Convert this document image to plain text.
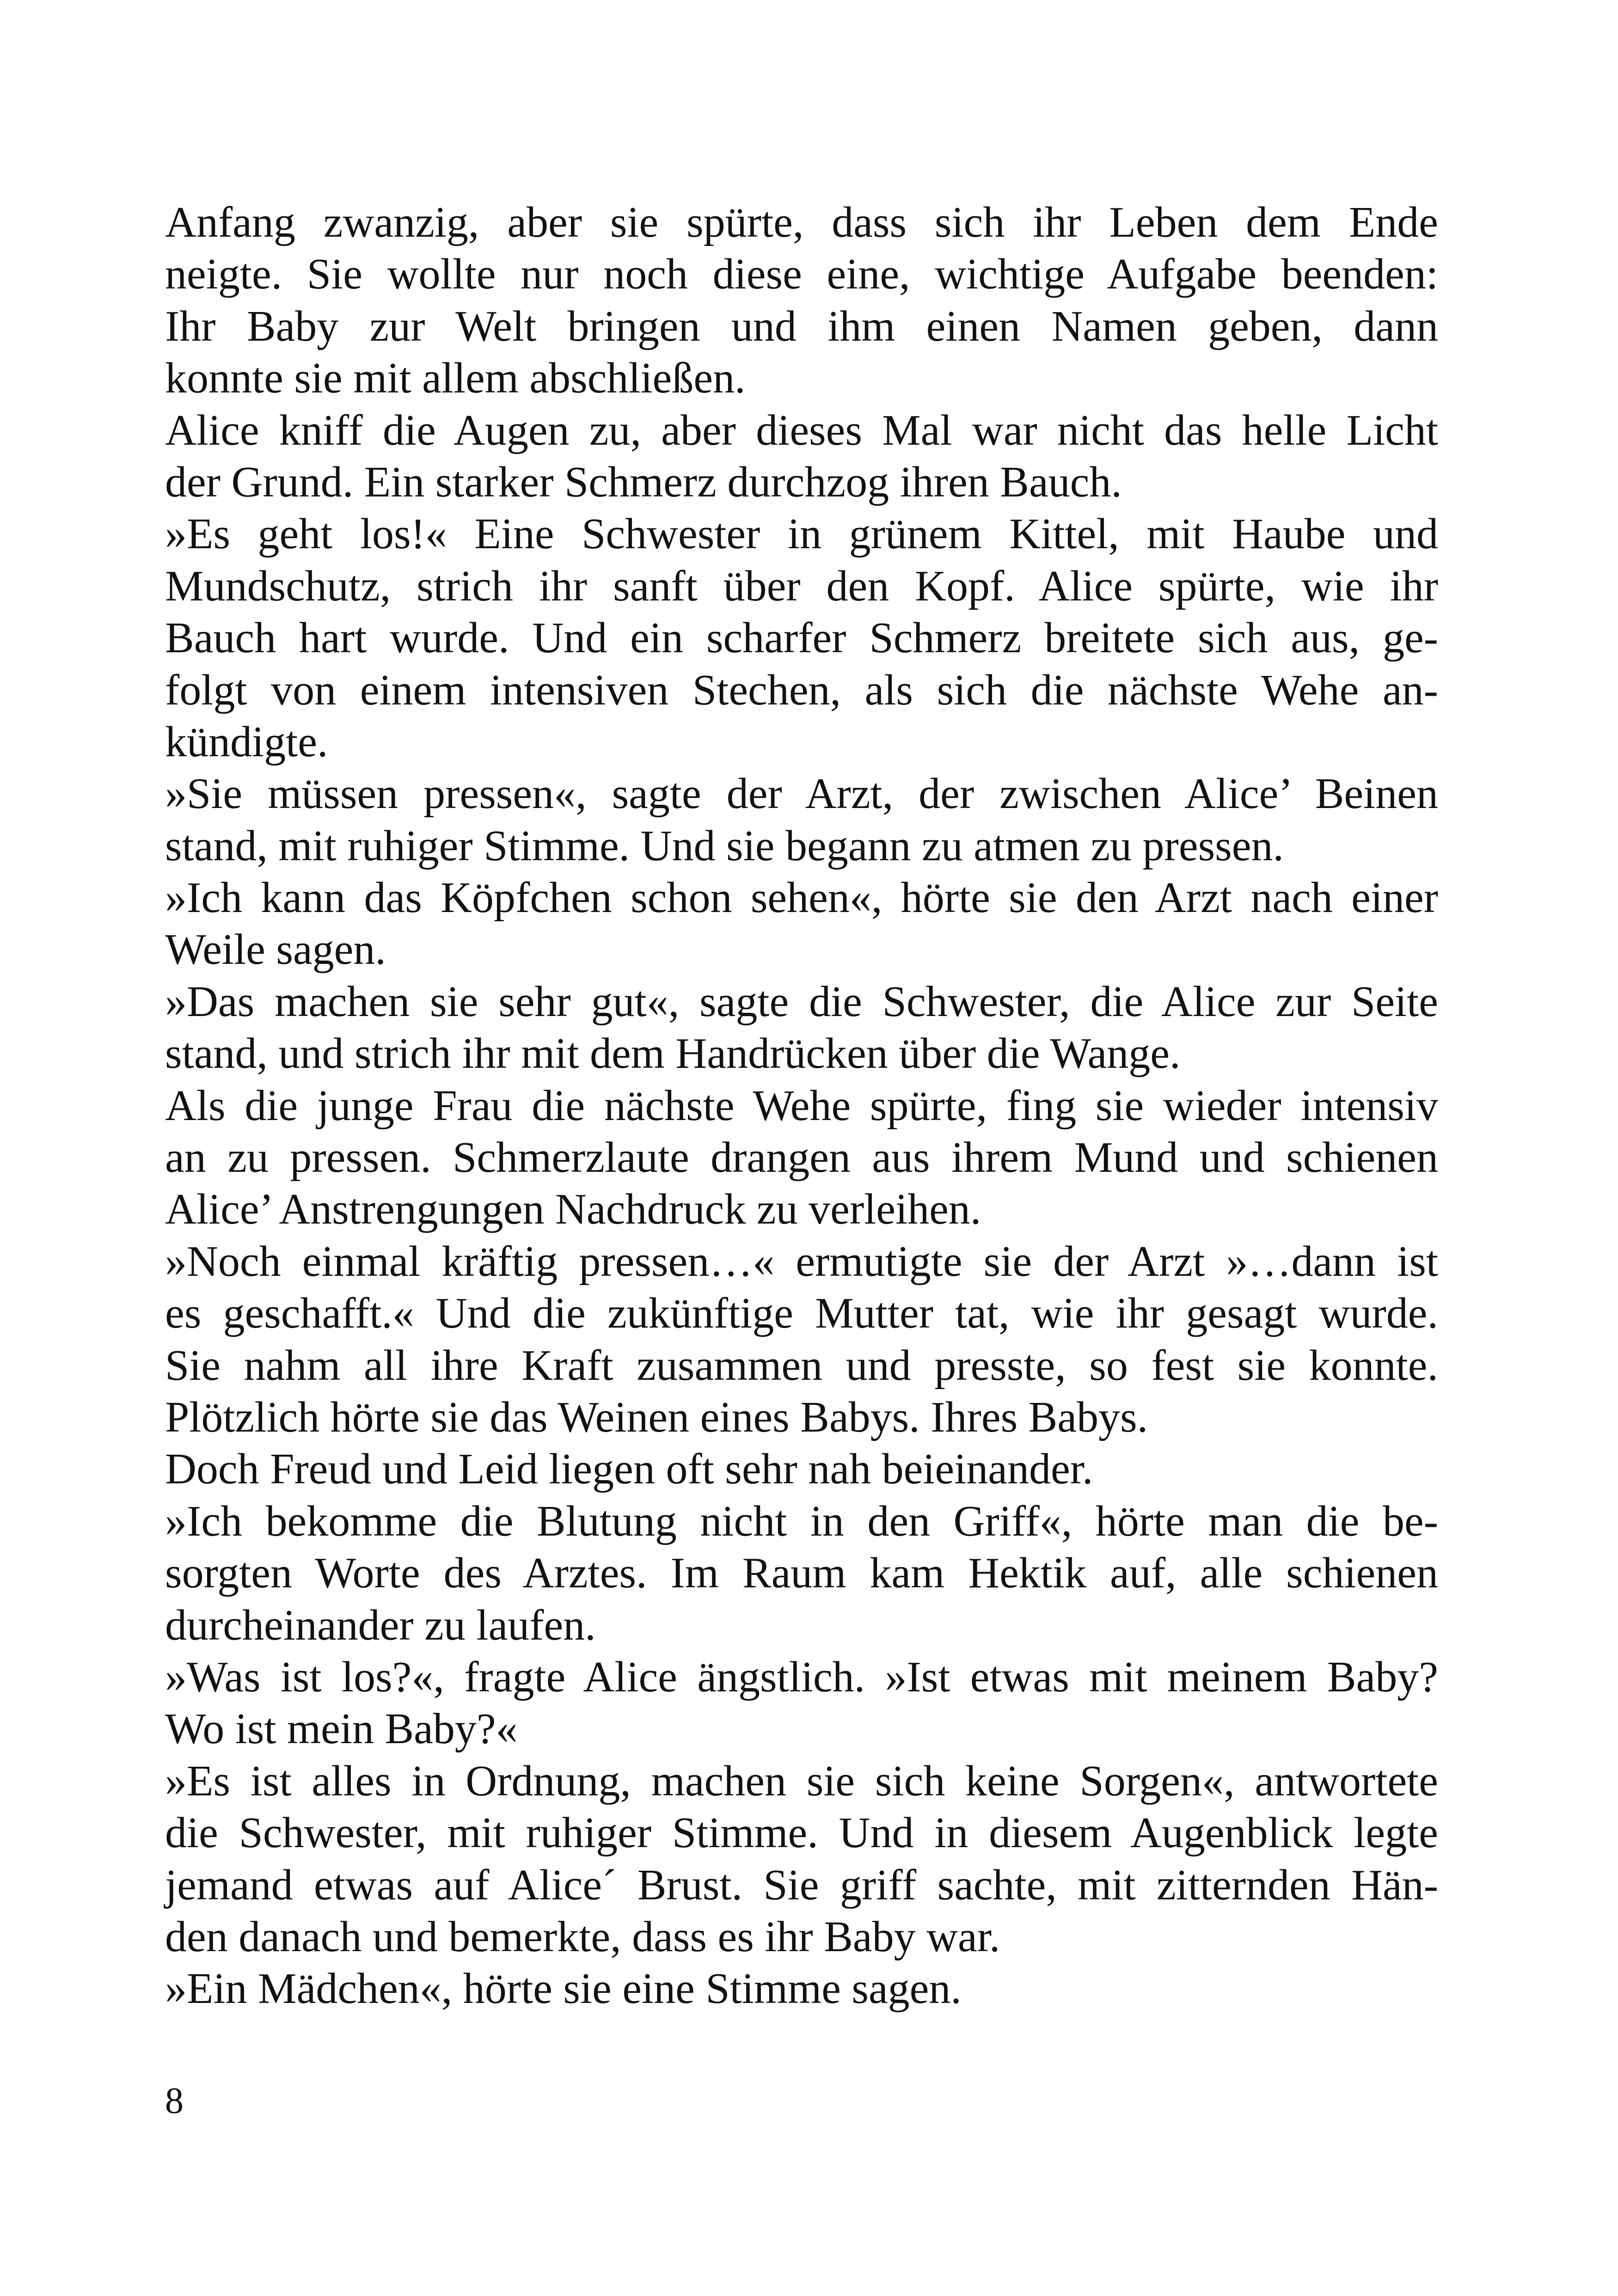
Anfang zwanzig, aber sie spürte, dass sich ihr Leben dem Ende
neigte. Sie wollte nur noch diese eine, wichtige Aufgabe beenden:
Ihr Baby zur Welt bringen und ihm einen Namen geben, dann
konnte sie mit allem abschließen.
Alice kniff die Augen zu, aber dieses Mal war nicht das helle Licht
der Grund. Ein starker Schmerz durchzog ihren Bauch.
»Es geht los!« Eine Schwester in grünem Kittel, mit Haube und
Mundschutz, strich ihr sanft über den Kopf. Alice spürte, wie ihr
Bauch hart wurde. Und ein scharfer Schmerz breitete sich aus, ge-
folgt von einem intensiven Stechen, als sich die nächste Wehe an-
kündigte.
»Sie müssen pressen«, sagte der Arzt, der zwischen Alice’ Beinen
stand, mit ruhiger Stimme. Und sie begann zu atmen zu pressen.
»Ich kann das Köpfchen schon sehen«, hörte sie den Arzt nach einer
Weile sagen.
»Das machen sie sehr gut«, sagte die Schwester, die Alice zur Seite
stand, und strich ihr mit dem Handrücken über die Wange.
Als die junge Frau die nächste Wehe spürte, fing sie wieder intensiv
an zu pressen. Schmerzlaute drangen aus ihrem Mund und schienen
Alice’ Anstrengungen Nachdruck zu verleihen.
»Noch einmal kräftig pressen…« ermutigte sie der Arzt »…dann ist
es geschafft.« Und die zukünftige Mutter tat, wie ihr gesagt wurde.
Sie nahm all ihre Kraft zusammen und presste, so fest sie konnte.
Plötzlich hörte sie das Weinen eines Babys. Ihres Babys.
Doch Freud und Leid liegen oft sehr nah beieinander.
»Ich bekomme die Blutung nicht in den Griff«, hörte man die be-
sorgten Worte des Arztes. Im Raum kam Hektik auf, alle schienen
durcheinander zu laufen.
»Was ist los?«, fragte Alice ängstlich. »Ist etwas mit meinem Baby?
Wo ist mein Baby?«
»Es ist alles in Ordnung, machen sie sich keine Sorgen«, antwortete
die Schwester, mit ruhiger Stimme. Und in diesem Augenblick legte
jemand etwas auf Alice´ Brust. Sie griff sachte, mit zitternden Hän-
den danach und bemerkte, dass es ihr Baby war.
»Ein Mädchen«, hörte sie eine Stimme sagen.
8
